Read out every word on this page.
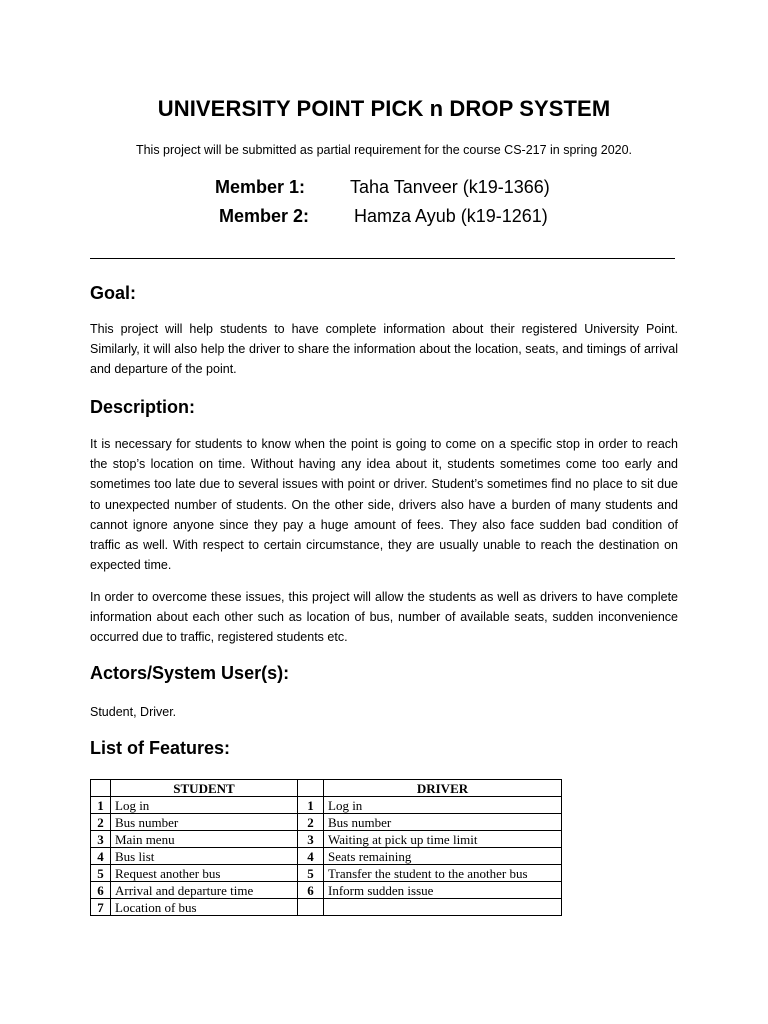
UNIVERSITY POINT PICK n DROP SYSTEM
This project will be submitted as partial requirement for the course CS-217 in spring 2020.
Member 1: Taha Tanveer (k19-1366)
Member 2: Hamza Ayub (k19-1261)
Goal:

This project will help students to have complete information about their registered University Point. Similarly, it will also help the driver to share the information about the location, seats, and timings of arrival and departure of the point.

Description:

It is necessary for students to know when the point is going to come on a specific stop in order to reach the stop’s location on time. Without having any idea about it, students sometimes come too early and sometimes too late due to several issues with point or driver. Student’s sometimes find no place to sit due to unexpected number of students. On the other side, drivers also have a burden of many students and cannot ignore anyone since they pay a huge amount of fees. They also face sudden bad condition of traffic as well. With respect to certain circumstance, they are usually unable to reach the destination on expected time.

In order to overcome these issues, this project will allow the students as well as drivers to have complete information about each other such as location of bus, number of available seats, sudden inconvenience occurred due to traffic, registered students etc.

Actors/System User(s):

Student, Driver.

List of Features:
	STUDENT		DRIVER
1	Log in	1	Log in
2	Bus number	2	Bus number
3	Main menu	3	Waiting at pick up time limit
4	Bus list	4	Seats remaining
5	Request another bus	5	Transfer the student to the another bus
6	Arrival and departure time	6	Inform sudden issue
7	Location of bus		
